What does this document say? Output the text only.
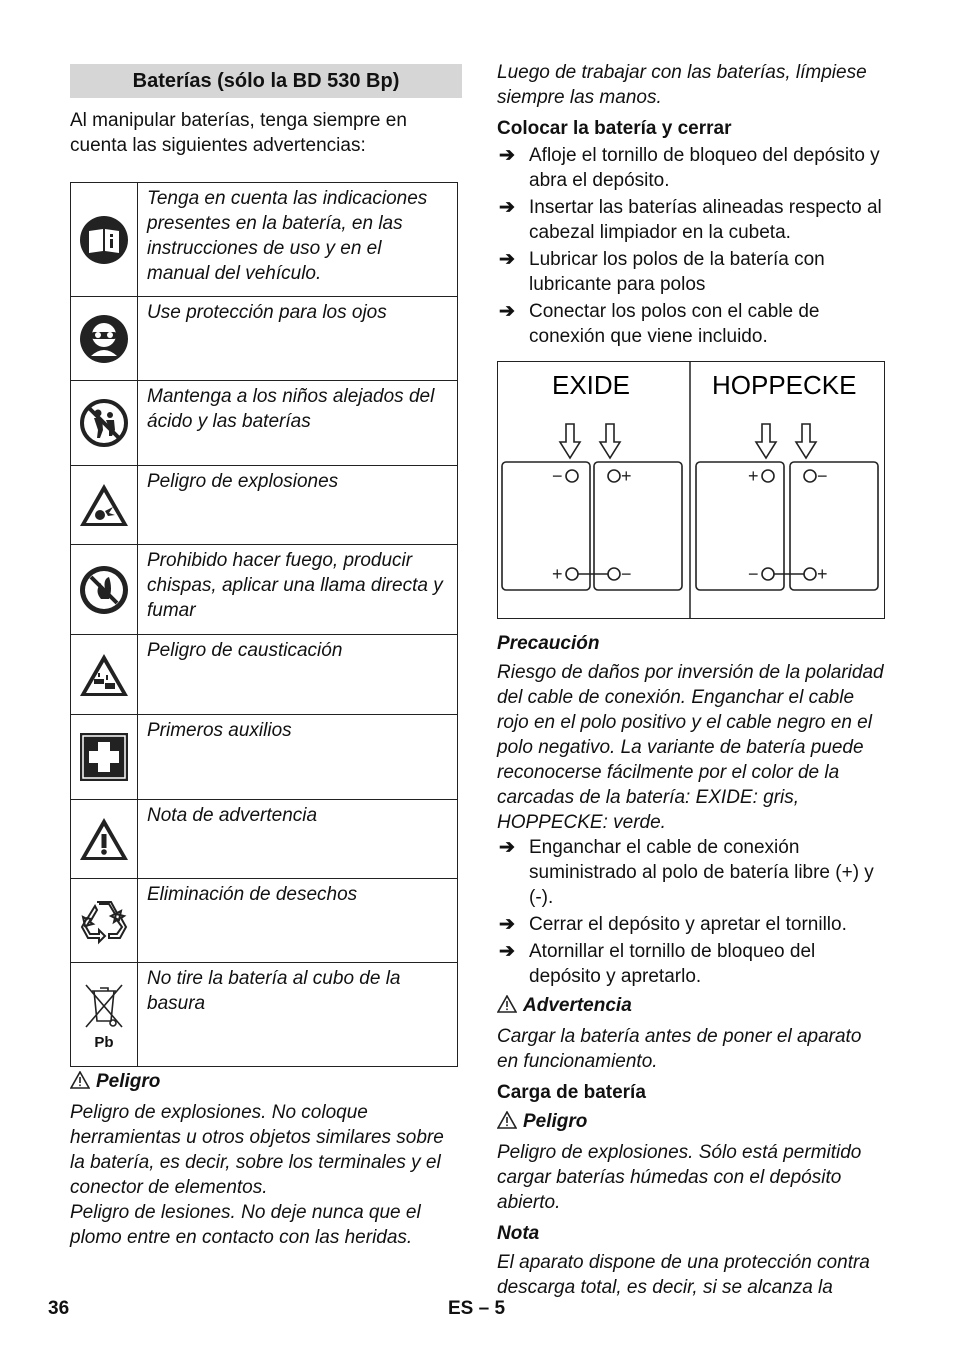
Baterías (sólo la BD 530 Bp)

Al manipular baterías, tenga siempre en cuenta las siguientes advertencias:

	Tenga en cuenta las indicaciones presentes en la batería, en las instrucciones de uso y en el manual del vehículo.

	Use protección para los ojos

	Mantenga a los niños alejados del ácido y las baterías

	Peligro de explosiones

	Prohibido hacer fuego, producir chispas, aplicar una llama directa y fumar

	Peligro de causticación

	Primeros auxilios

	Nota de advertencia

	Eliminación de desechos

Pb	No tire la batería al cubo de la basura

Peligro

Peligro de explosiones. No coloque herramientas u otros objetos similares sobre la batería, es decir, sobre los terminales y el conector de elementos.

Peligro de lesiones. No deje nunca que el plomo entre en contacto con las heridas.

Luego de trabajar con las baterías, límpiese siempre las manos.

Colocar la batería y cerrar

➔ Afloje el tornillo de bloqueo del depósito y abra el depósito.
➔ Insertar las baterías alineadas respecto al cabezal limpiador en la cubeta.
➔ Lubricar los polos de la batería con lubricante para polos
➔ Conectar los polos con el cable de conexión que viene incluido.
EXIDE	HOPPECKE
−	+
+	−
+	−
−	+

Precaución

Riesgo de daños por inversión de la polaridad del cable de conexión. Enganchar el cable rojo en el polo positivo y el cable negro en el polo negativo. La variante de batería puede reconocerse fácilmente por el color de la carcadas de la batería: EXIDE: gris, HOPPECKE: verde.

➔ Enganchar el cable de conexión suministrado al polo de batería libre (+) y (-).
➔ Cerrar el depósito y apretar el tornillo.
➔ Atornillar el tornillo de bloqueo del depósito y apretarlo.

Advertencia

Cargar la batería antes de poner el aparato en funcionamiento.

Carga de batería

Peligro

Peligro de explosiones. Sólo está permitido cargar baterías húmedas con el depósito abierto.

Nota

El aparato dispone de una protección contra descarga total, es decir, si se alcanza la

36	ES – 5
